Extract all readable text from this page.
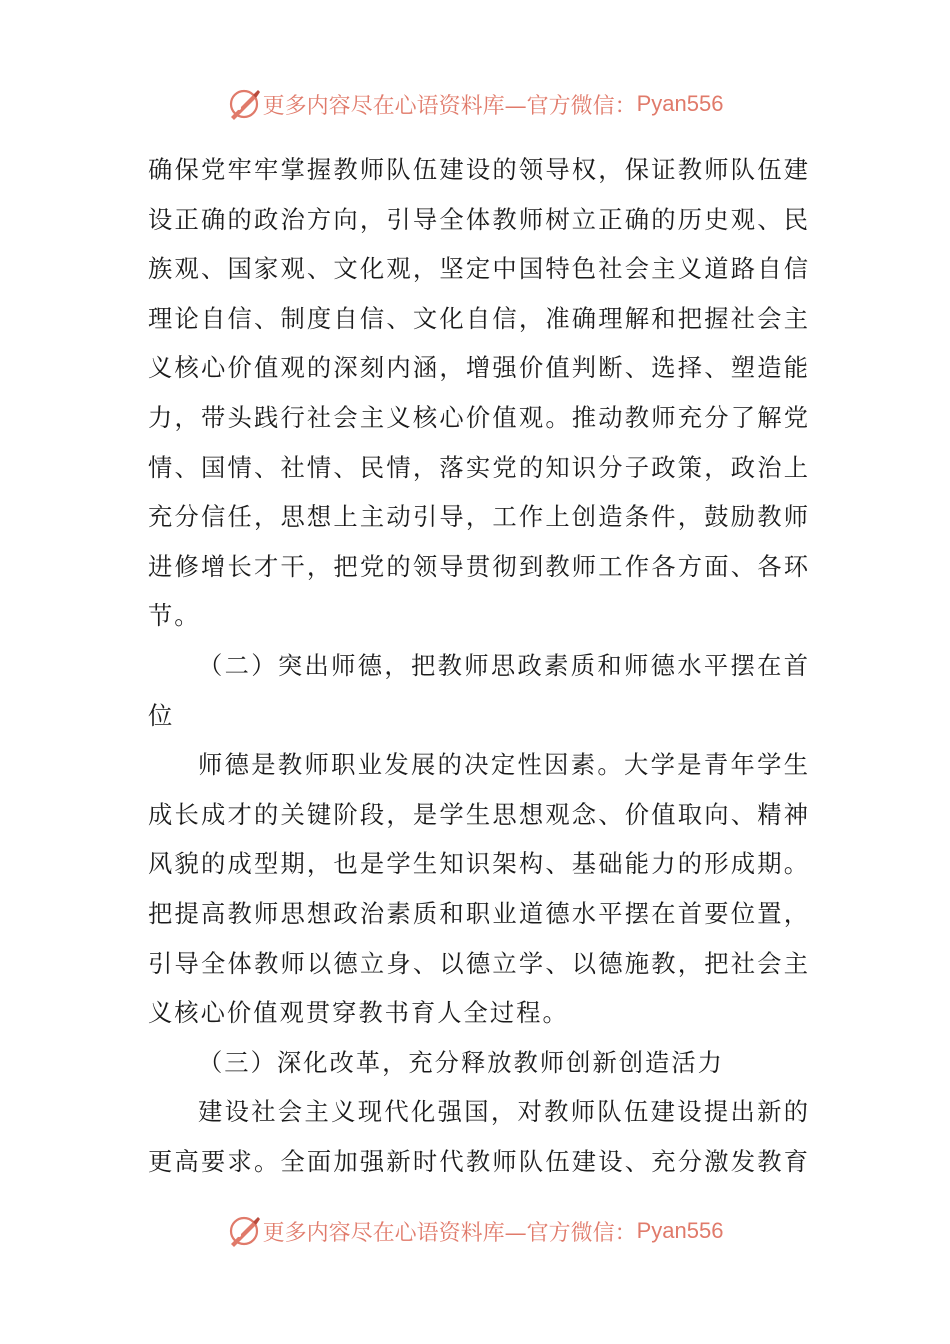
更多内容尽在心语资料库—官方微信： Pyan556
确保党牢牢掌握教师队伍建设的领导权，保证教师队伍建
设正确的政治方向，引导全体教师树立正确的历史观、民
族观、国家观、文化观，坚定中国特色社会主义道路自信
理论自信、制度自信、文化自信，准确理解和把握社会主
义核心价值观的深刻内涵，增强价值判断、选择、塑造能
力，带头践行社会主义核心价值观。推动教师充分了解党
情、国情、社情、民情，落实党的知识分子政策，政治上
充分信任，思想上主动引导，工作上创造条件，鼓励教师
进修增长才干，把党的领导贯彻到教师工作各方面、各环
节。
（二）突出师德，把教师思政素质和师德水平摆在首
位
师德是教师职业发展的决定性因素。大学是青年学生
成长成才的关键阶段，是学生思想观念、价值取向、精神
风貌的成型期，也是学生知识架构、基础能力的形成期。
把提高教师思想政治素质和职业道德水平摆在首要位置，
引导全体教师以德立身、以德立学、以德施教，把社会主
义核心价值观贯穿教书育人全过程。
（三）深化改革，充分释放教师创新创造活力
建设社会主义现代化强国，对教师队伍建设提出新的
更高要求。全面加强新时代教师队伍建设、充分激发教育
更多内容尽在心语资料库—官方微信： Pyan556
